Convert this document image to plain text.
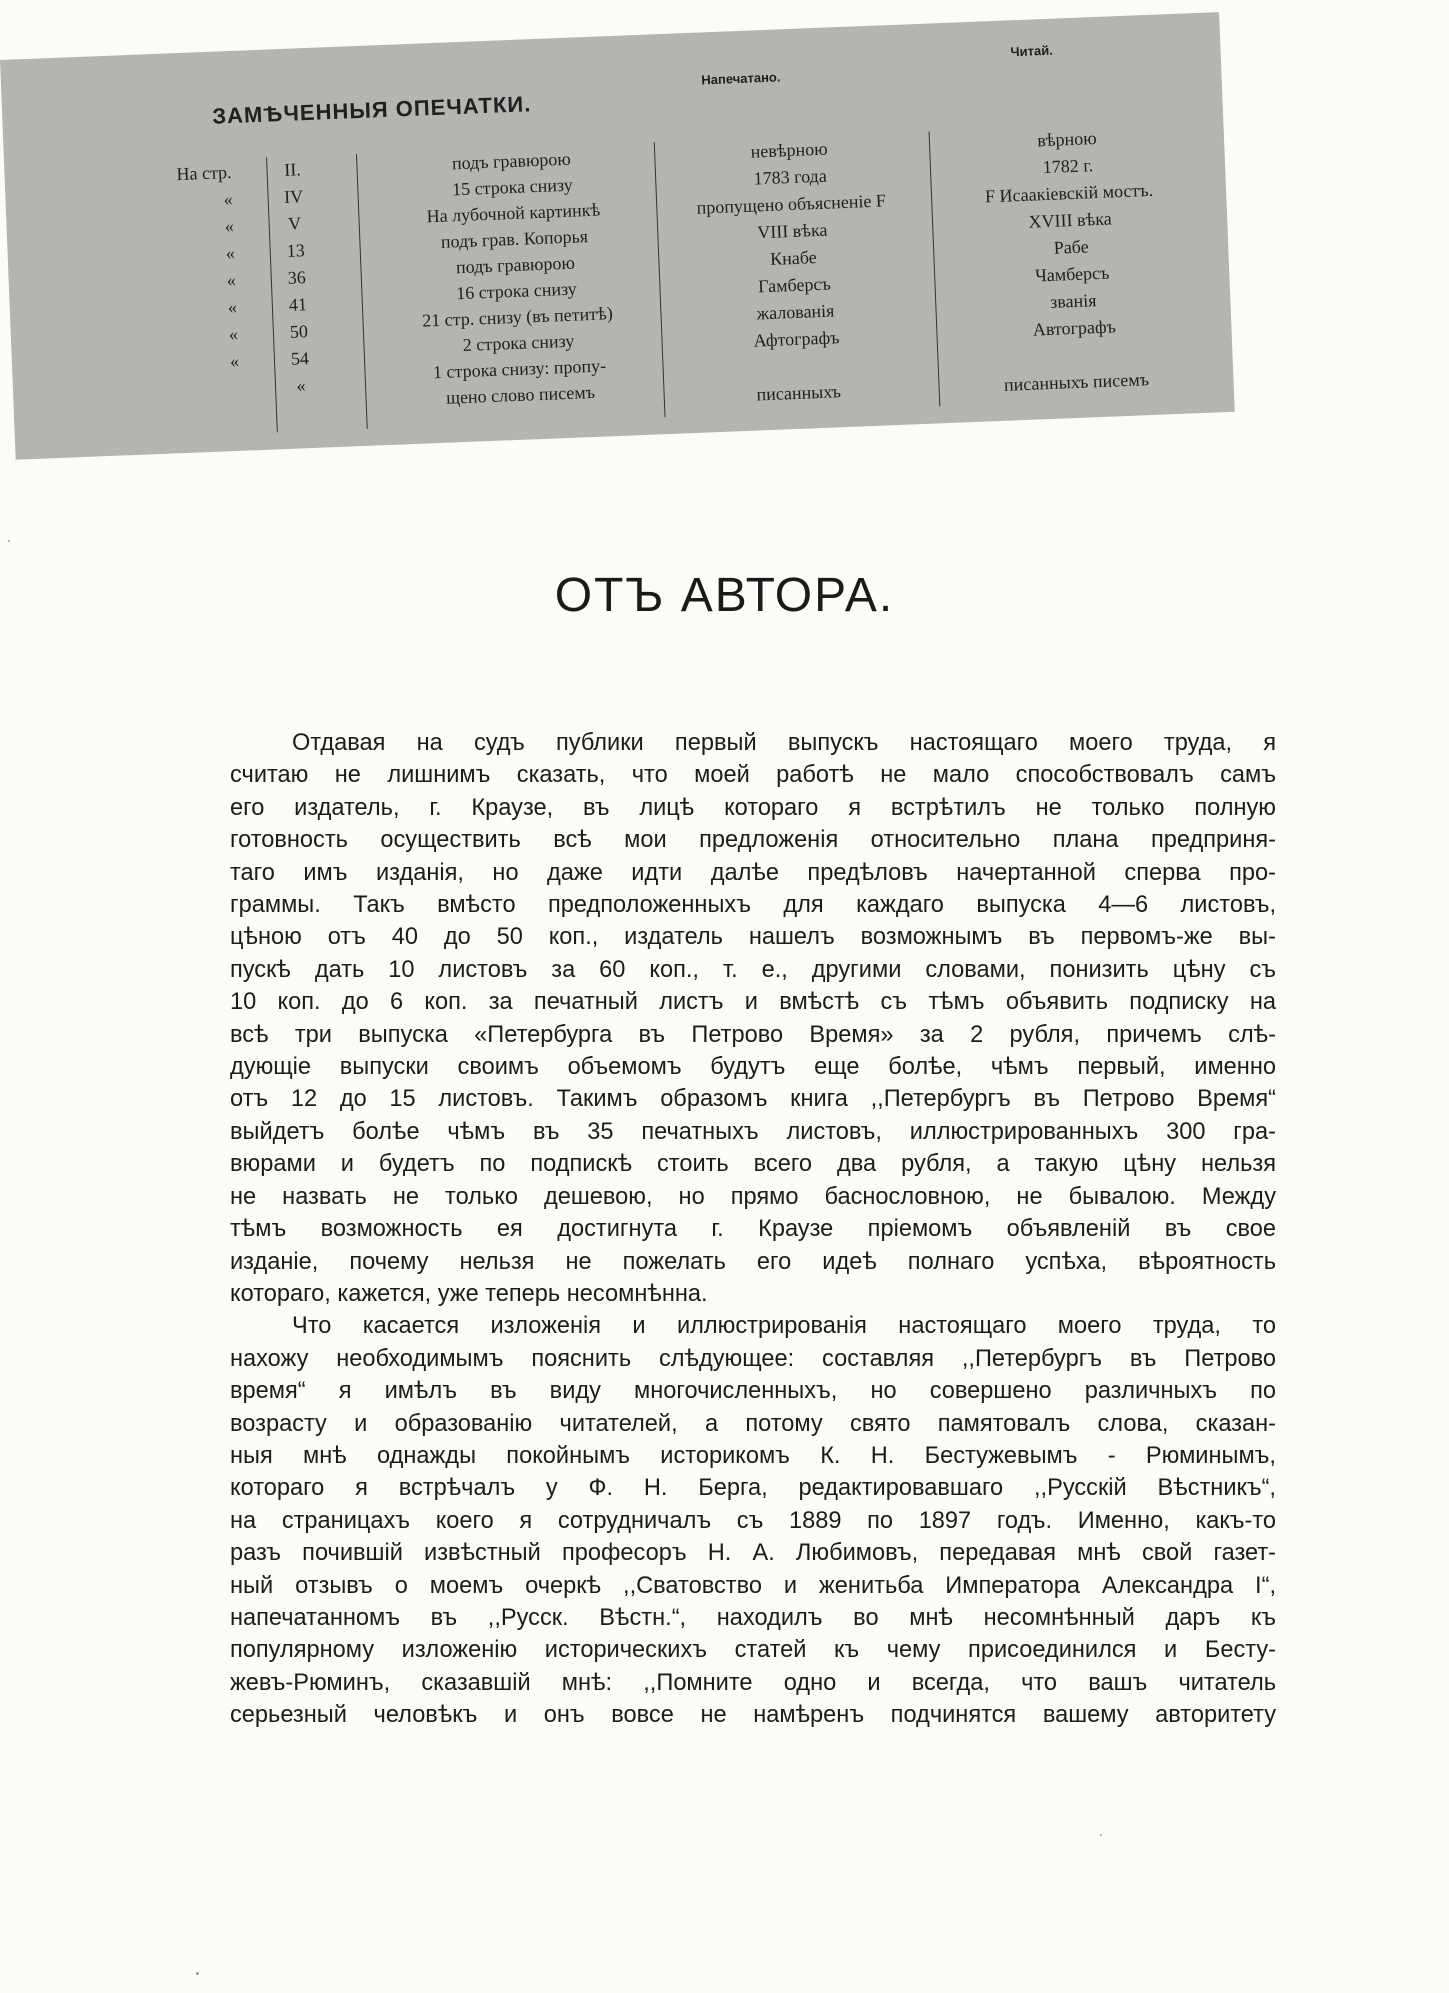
ЗАМѢЧЕННЫЯ ОПЕЧАТКИ.
Напечатано.
Читай.
На стр.
«
«
«
«
«
«
«
II.
IV
V
13
36
41
50
54
«
подъ гравюрою
15 строка снизу
На лубочной картинкѣ
подъ грав. Копорья
подъ гравюрою
16 строка снизу
21 стр. снизу (въ петитѣ)
2 строка снизу
1 строка снизу: пропу-
щено слово писемъ
невѣрною
1783 года
пропущено объясненіе F
VIII вѣка
Кнабе
Гамберсъ
жалованія
Афтографъ
писанныхъ
вѣрною
1782 г.
F Исаакіевскій мостъ.
XVIII вѣка
Рабе
Чамберсъ
званія
Автографъ
писанныхъ писемъ
ОТЪ АВТОРА.
Отдавая на судъ публики первый выпускъ настоящаго моего труда, я
считаю не лишнимъ сказать, что моей работѣ не мало способствовалъ самъ
его издатель, г. Краузе, въ лицѣ котораго я встрѣтилъ не только полную
готовность осуществить всѣ мои предложенія относительно плана предприня-
таго имъ изданія, но даже идти далѣе предѣловъ начертанной сперва про-
граммы. Такъ вмѣсто предположенныхъ для каждаго выпуска 4—6 листовъ,
цѣною отъ 40 до 50 коп., издатель нашелъ возможнымъ въ первомъ-же вы-
пускѣ дать 10 листовъ за 60 коп., т. е., другими словами, понизить цѣну съ
10 коп. до 6 коп. за печатный листъ и вмѣстѣ съ тѣмъ объявить подписку на
всѣ три выпуска «Петербурга въ Петрово Время» за 2 рубля, причемъ слѣ-
дующіе выпуски своимъ объемомъ будутъ еще болѣе, чѣмъ первый, именно
отъ 12 до 15 листовъ. Такимъ образомъ книга ,,Петербургъ въ Петрово Время“
выйдетъ болѣе чѣмъ въ 35 печатныхъ листовъ, иллюстрированныхъ 300 гра-
вюрами и будетъ по подпискѣ стоить всего два рубля, а такую цѣну нельзя
не назвать не только дешевою, но прямо баснословною, не бывалою. Между
тѣмъ возможность ея достигнута г. Краузе пріемомъ объявленій въ свое
изданіе, почему нельзя не пожелать его идеѣ полнаго успѣха, вѣроятность
котораго, кажется, уже теперь несомнѣнна.
Что касается изложенія и иллюстрированія настоящаго моего труда, то
нахожу необходимымъ пояснить слѣдующее: составляя ,,Петербургъ въ Петрово
время“ я имѣлъ въ виду многочисленныхъ, но совершено различныхъ по
возрасту и образованію читателей, а потому свято памятовалъ слова, сказан-
ныя мнѣ однажды покойнымъ историкомъ К. Н. Бестужевымъ - Рюминымъ,
котораго я встрѣчалъ у Ф. Н. Берга, редактировавшаго ,,Русскій Вѣстникъ“,
на страницахъ коего я сотрудничалъ съ 1889 по 1897 годъ. Именно, какъ-то
разъ почившій извѣстный професоръ Н. А. Любимовъ, передавая мнѣ свой газет-
ный отзывъ о моемъ очеркѣ ,,Сватовство и женитьба Императора Александра I“,
напечатанномъ въ ,,Русск. Вѣстн.“, находилъ во мнѣ несомнѣнный даръ къ
популярному изложенію историческихъ статей къ чему присоединился и Бесту-
жевъ-Рюминъ, сказавшій мнѣ: ,,Помните одно и всегда, что вашъ читатель
серьезный человѣкъ и онъ вовсе не намѣренъ подчинятся вашему авторитету
